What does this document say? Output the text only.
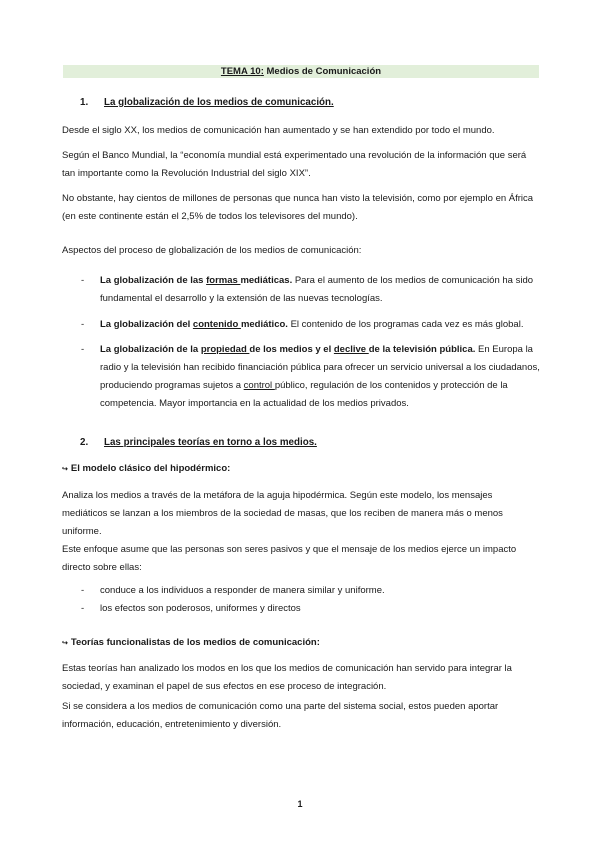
TEMA 10: Medios de Comunicación
1. La globalización de los medios de comunicación.
Desde el siglo XX, los medios de comunicación han aumentado y se han extendido por todo el mundo.
Según el Banco Mundial, la “economía mundial está experimentado una revolución de la información que será tan importante como la Revolución Industrial del siglo XIX”.
No obstante, hay cientos de millones de personas que nunca han visto la televisión, como por ejemplo en África (en este continente están el 2,5% de todos los televisores del mundo).
Aspectos del proceso de globalización de los medios de comunicación:
- La globalización de las formas mediáticas. Para el aumento de los medios de comunicación ha sido fundamental el desarrollo y la extensión de las nuevas tecnologías.
- La globalización del contenido mediático. El contenido de los programas cada vez es más global.
- La globalización de la propiedad de los medios y el declive de la televisión pública. En Europa la radio y la televisión han recibido financiación pública para ofrecer un servicio universal a los ciudadanos, produciendo programas sujetos a control público, regulación de los contenidos y protección de la competencia. Mayor importancia en la actualidad de los medios privados.
2. Las principales teorías en torno a los medios.
↪ El modelo clásico del hipodérmico:
Analiza los medios a través de la metáfora de la aguja hipodérmica. Según este modelo, los mensajes mediáticos se lanzan a los miembros de la sociedad de masas, que los reciben de manera más o menos uniforme.
Este enfoque asume que las personas son seres pasivos y que el mensaje de los medios ejerce un impacto directo sobre ellas:
- conduce a los individuos a responder de manera similar y uniforme.
- los efectos son poderosos, uniformes y directos
↪ Teorías funcionalistas de los medios de comunicación:
Estas teorías han analizado los modos en los que los medios de comunicación han servido para integrar la sociedad, y examinan el papel de sus efectos en ese proceso de integración.
Si se considera a los medios de comunicación como una parte del sistema social, estos pueden aportar información, educación, entretenimiento y diversión.
1
